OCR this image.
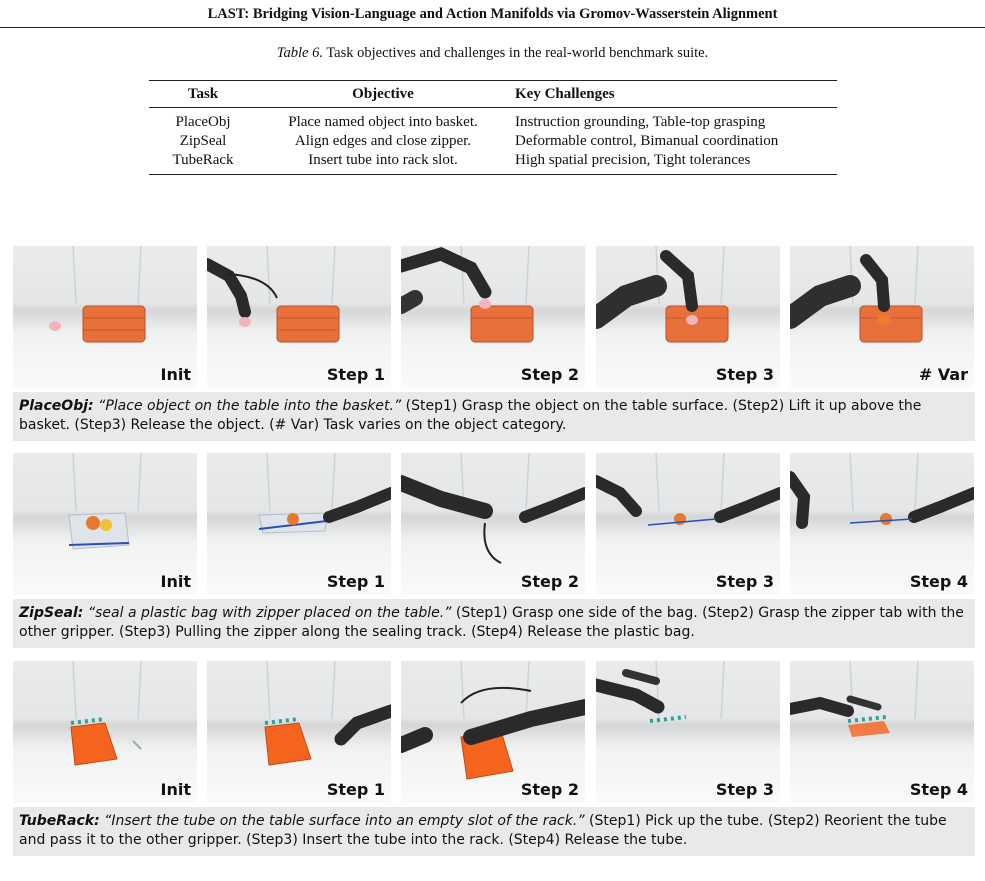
LAST: Bridging Vision-Language and Action Manifolds via Gromov-Wasserstein Alignment
Table 6. Task objectives and challenges in the real-world benchmark suite.
Task	Objective	Key Challenges
PlaceObj	Place named object into basket.	Instruction grounding, Table-top grasping
ZipSeal	Align edges and close zipper.	Deformable control, Bimanual coordination
TubeRack	Insert tube into rack slot.	High spatial precision, Tight tolerances
Init	Step 1	Step 2	Step 3	# Var
PlaceObj: “Place object on the table into the basket.” (Step1) Grasp the object on the table surface. (Step2) Lift it up above the basket. (Step3) Release the object. (# Var) Task varies on the object category.
Init	Step 1	Step 2	Step 3	Step 4
ZipSeal: “seal a plastic bag with zipper placed on the table.” (Step1) Grasp one side of the bag. (Step2) Grasp the zipper tab with the other gripper. (Step3) Pulling the zipper along the sealing track. (Step4) Release the plastic bag.
Init	Step 1	Step 2	Step 3	Step 4
TubeRack: “Insert the tube on the table surface into an empty slot of the rack.” (Step1) Pick up the tube. (Step2) Reorient the tube and pass it to the other gripper. (Step3) Insert the tube into the rack. (Step4) Release the tube.
